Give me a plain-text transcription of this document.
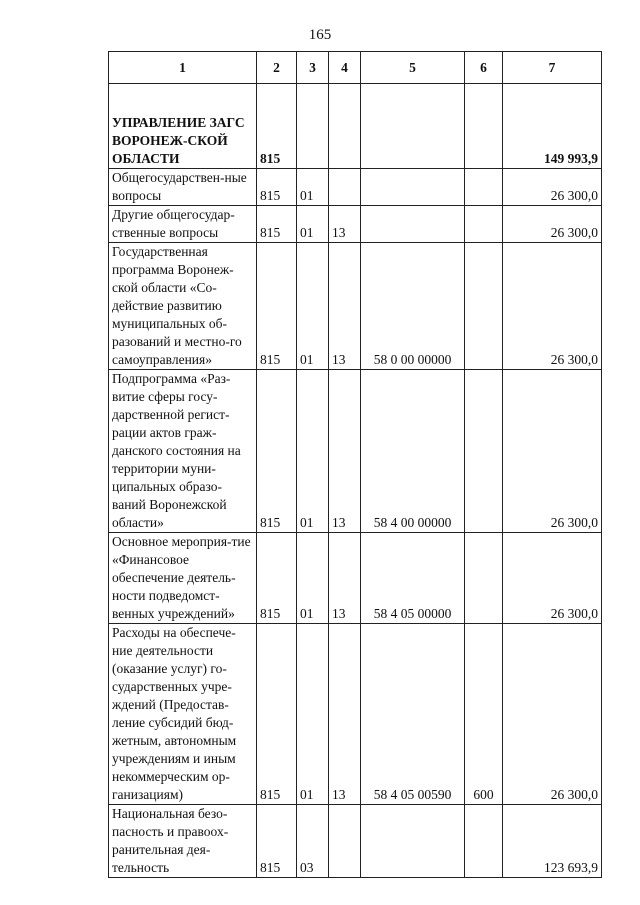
165
1	2	3	4	5	6	7
УПРАВЛЕНИЕ ЗАГС ВОРОНЕЖ-СКОЙ ОБЛАСТИ	815					149 993,9
Общегосударствен-ные вопросы	815	01				26 300,0
Другие общегосудар-ственные вопросы	815	01	13			26 300,0
Государственная программа Воронеж-ской области «Со-действие развитию муниципальных об-разований и местно-го самоуправления»	815	01	13	58 0 00 00000		26 300,0
Подпрограмма «Раз-витие сферы госу-дарственной регист-рации актов граж-данского состояния на территории муни-ципальных образо-ваний Воронежской области»	815	01	13	58 4 00 00000		26 300,0
Основное мероприя-тие «Финансовое обеспечение деятель-ности подведомст-венных учреждений»	815	01	13	58 4 05 00000		26 300,0
Расходы на обеспече-ние деятельности (оказание услуг) го-сударственных учре-ждений (Предостав-ление субсидий бюд-жетным, автономным учреждениям и иным некоммерческим ор-ганизациям)	815	01	13	58 4 05 00590	600	26 300,0
Национальная безо-пасность и правоох-ранительная дея-тельность	815	03				123 693,9
